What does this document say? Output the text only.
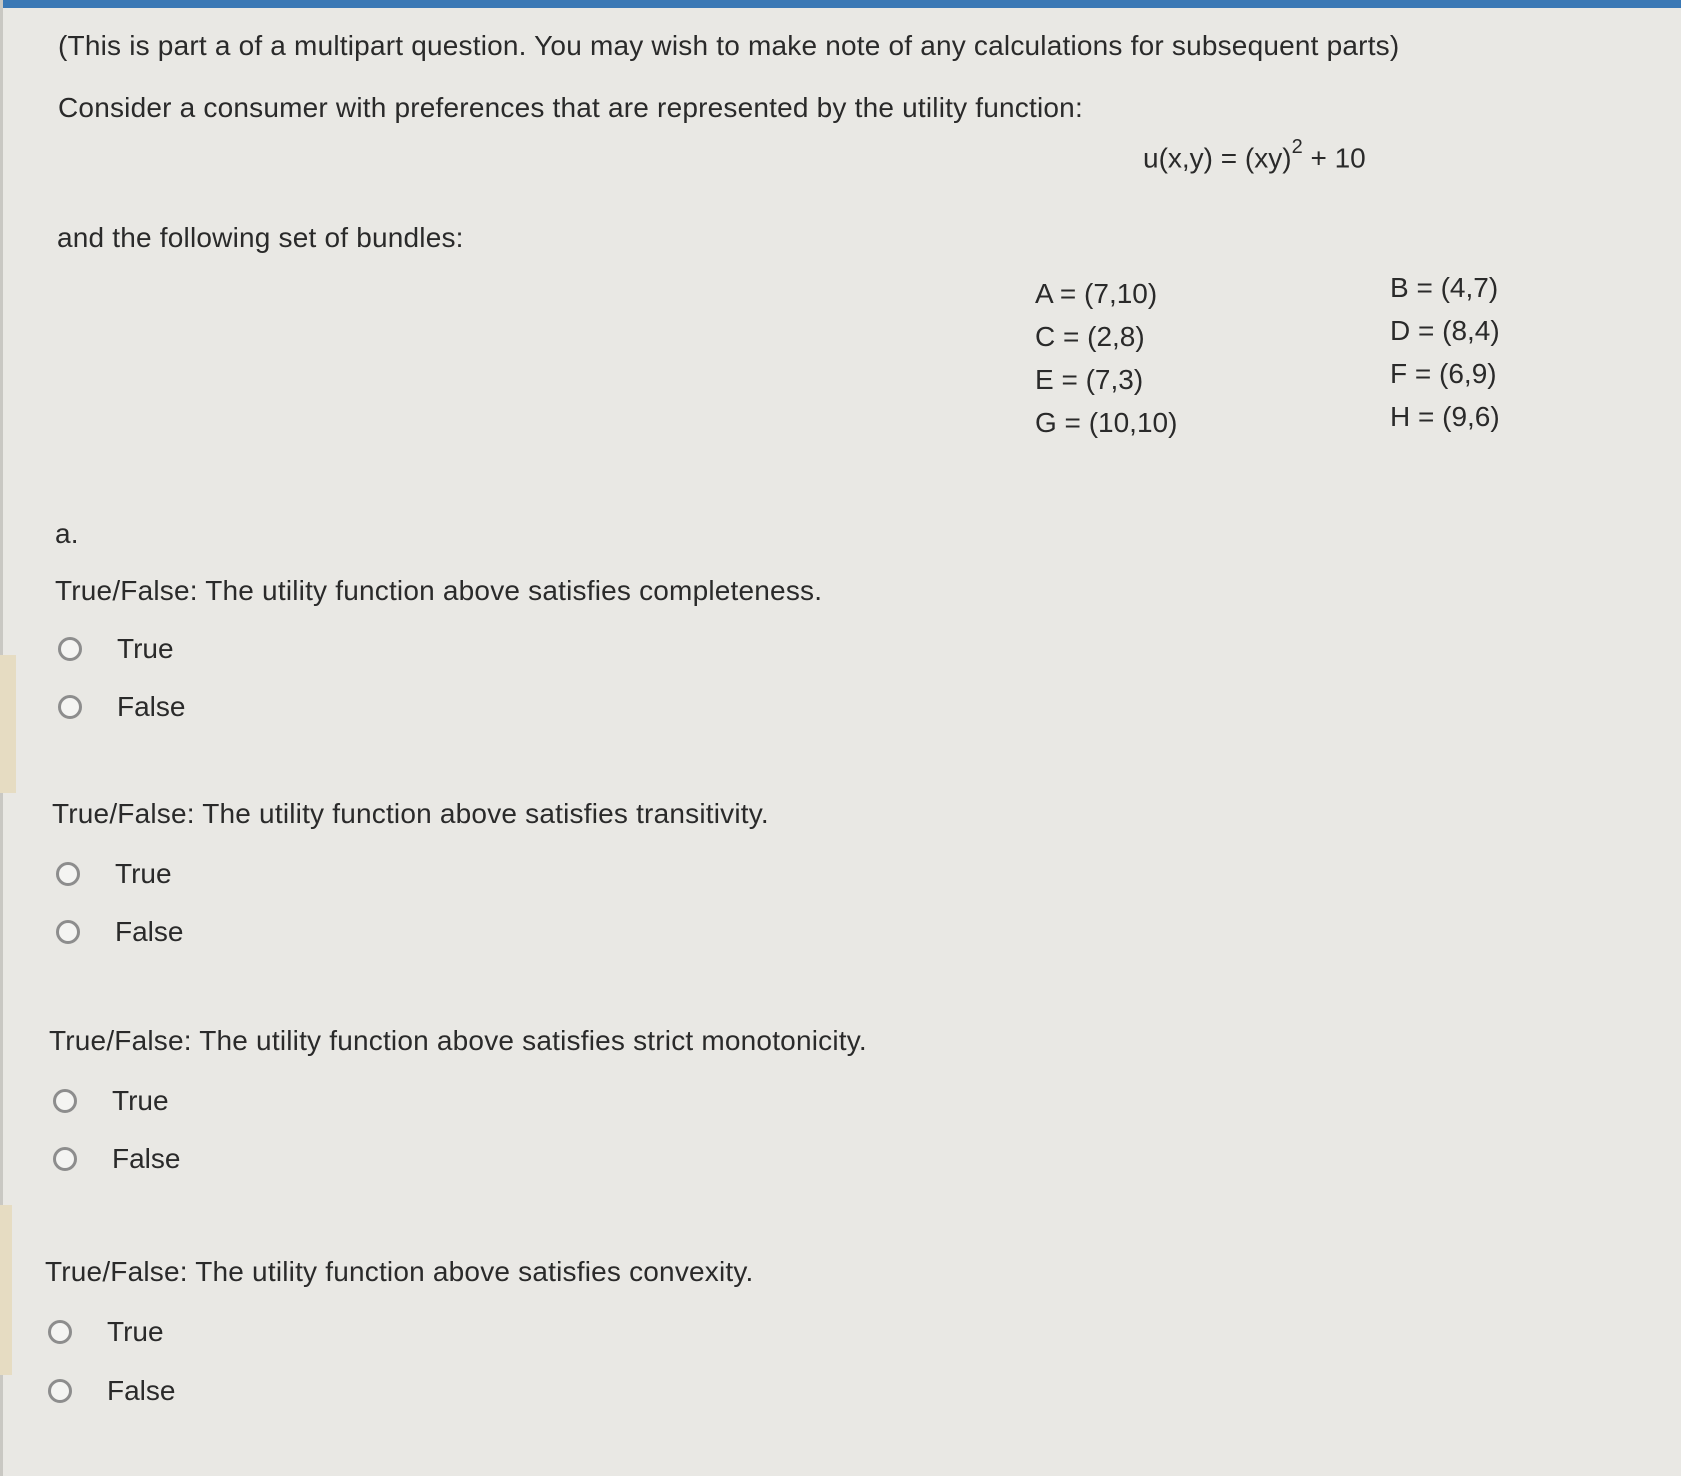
(This is part a of a multipart question. You may wish to make note of any calculations for subsequent parts)
Consider a consumer with preferences that are represented by the utility function:
u(x,y) = (xy)$^2$ + 10
and the following set of bundles:
A = (7,10)
C = (2,8)
E = (7,3)
G = (10,10)
B = (4,7)
D = (8,4)
F = (6,9)
H = (9,6)
a.
True/False: The utility function above satisfies completeness.
True
False
True/False: The utility function above satisfies transitivity.
True
False
True/False: The utility function above satisfies strict monotonicity.
True
False
True/False: The utility function above satisfies convexity.
True
False
